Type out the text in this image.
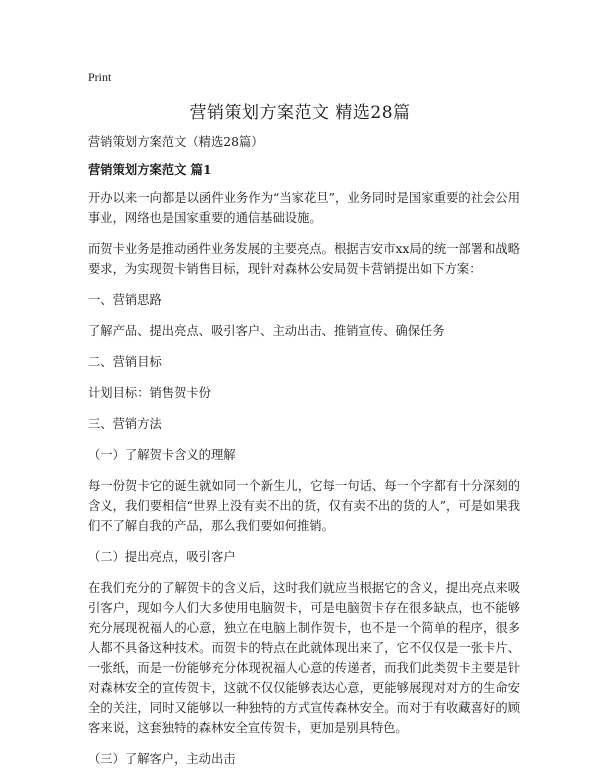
Print
营销策划方案范文 精选28篇

营销策划方案范文（精选28篇）

营销策划方案范文 篇1

开办以来一向都是以函件业务作为“当家花旦”，业务同时是国家重要的社会公用事业，网络也是国家重要的通信基础设施。

而贺卡业务是推动函件业务发展的主要亮点。根据吉安市xx局的统一部署和战略要求，为实现贺卡销售目标，现针对森林公安局贺卡营销提出如下方案：

一、营销思路

了解产品、提出亮点、吸引客户、主动出击、推销宣传、确保任务

二、营销目标

计划目标：销售贺卡份

三、营销方法

（一）了解贺卡含义的理解

每一份贺卡它的诞生就如同一个新生儿，它每一句话、每一个字都有十分深刻的含义，我们要相信“世界上没有卖不出的货，仅有卖不出的货的人”，可是如果我们不了解自我的产品，那么我们要如何推销。

（二）提出亮点，吸引客户

在我们充分的了解贺卡的含义后，这时我们就应当根据它的含义，提出亮点来吸引客户，现如今人们大多使用电脑贺卡，可是电脑贺卡存在很多缺点，也不能够充分展现祝福人的心意，独立在电脑上制作贺卡，也不是一个简单的程序，很多人都不具备这种技术。而贺卡的特点在此就体现出来了，它不仅仅是一张卡片、一张纸，而是一份能够充分体现祝福人心意的传递者，而我们此类贺卡主要是针对森林安全的宣传贺卡，这就不仅仅能够表达心意，更能够展现对对方的生命安全的关注，同时又能够以一种独特的方式宣传森林安全。而对于有收藏喜好的顾客来说，这套独特的森林安全宣传贺卡，更加是别具特色。

（三）了解客户，主动出击
